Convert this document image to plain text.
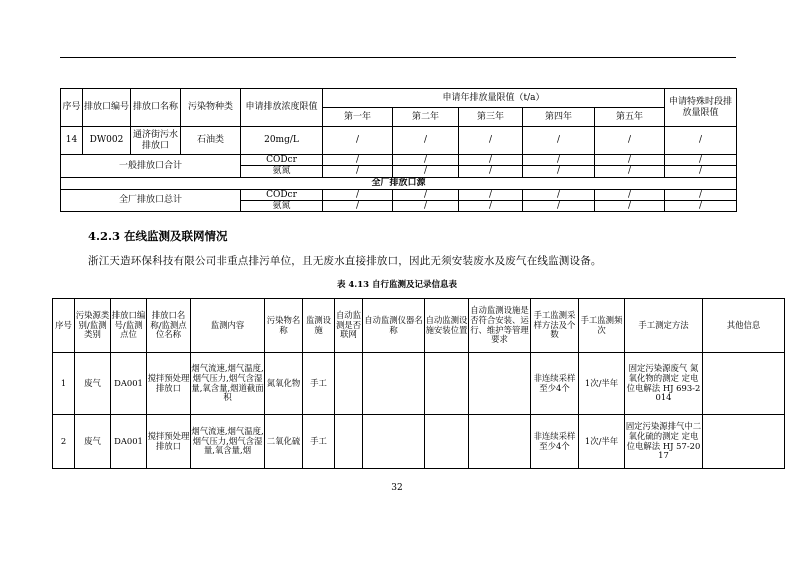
序号	排放口编号	排放口名称	污染物种类	申请排放浓度限值	申请年排放量限值（t/a）					申请特殊时段排放量限值
					第一年	第二年	第三年	第四年	第五年	
14	DW002	通济街污水排放口	石油类	20mg/L	/	/	/	/	/	/
一般排放口合计				CODcr	/	/	/	/	/	/
				氨氮	/	/	/	/	/	/
全厂排放口源										
全厂排放口总计				CODcr	/	/	/	/	/	/
				氨氮	/	/	/	/	/	/
4.2.3 在线监测及联网情况
浙江天造环保科技有限公司非重点排污单位，且无废水直接排放口，因此无须安装废水及废气在线监测设备。
表 4.13 自行监测及记录信息表
序号	污染源类别/监测类别	排放口编号/监测点位	排放口名称/监测点位名称	监测内容	污染物名称	监测设施	自动监测是否联网	自动监测仪器名称	自动监测设施安装位置	自动监测设施是否符合安装、运行、维护等管理要求	手工监测采样方法及个数	手工监测频次	手工测定方法	其他信息
1	废气	DA001	搅拌预处理排放口	烟气流速,烟气温度,烟气压力,烟气含湿量,氧含量,烟道截面积	氮氧化物	手工					非连续采样 至少4个	1次/半年	固定污染源废气 氮氧化物的测定 定电位电解法 HJ 693-2014	
2	废气	DA001	搅拌预处理排放口	烟气流速,烟气温度,烟气压力,烟气含湿量,氧含量,烟	二氧化硫	手工					非连续采样 至少4个	1次/半年	固定污染源排气中二氧化硫的测定 定电位电解法 HJ 57-2017	
32
